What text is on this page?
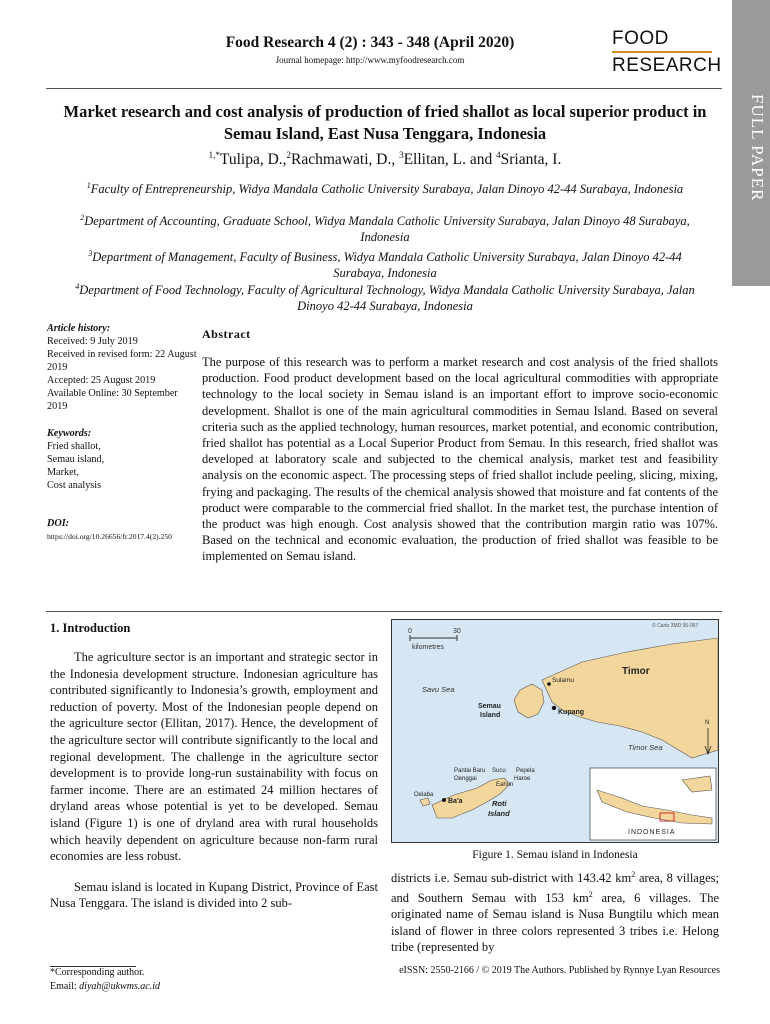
FULL PAPER
Food Research 4 (2) : 343 - 348 (April 2020)
Journal homepage: http://www.myfoodresearch.com
FOOD
RESEARCH
Market research and cost analysis of production of fried shallot as local superior product in Semau Island, East Nusa Tenggara, Indonesia
$^{1,*}$Tulipa, D.,$^2$Rachmawati, D., $^3$Ellitan, L. and $^4$Srianta, I.
$^1$Faculty of Entrepreneurship, Widya Mandala Catholic University Surabaya, Jalan Dinoyo 42-44 Surabaya, Indonesia
$^2$Department of Accounting, Graduate School, Widya Mandala Catholic University Surabaya, Jalan Dinoyo 48 Surabaya, Indonesia
$^3$Department of Management, Faculty of Business, Widya Mandala Catholic University Surabaya, Jalan Dinoyo 42-44 Surabaya, Indonesia
$^4$Department of Food Technology, Faculty of Agricultural Technology, Widya Mandala Catholic University Surabaya, Jalan Dinoyo 42-44 Surabaya, Indonesia
Article history:
Received: 9 July 2019
Received in revised form: 22 August 2019
Accepted: 25 August 2019
Available Online: 30 September 2019
Keywords:
Fried shallot,
Semau island,
Market,
Cost analysis
DOI:
https://doi.org/10.26656/fr.2017.4(2).250
Abstract
The purpose of this research was to perform a market research and cost analysis of the fried shallots production. Food product development based on the local agricultural commodities with appropriate technology to the local society in Semau island is an important effort to improve socio-economic development. Shallot is one of the main agricultural commodities in Semau Island. Based on several criteria such as the applied technology, human resources, market potential, and economic contribution, fried shallot has potential as a Local Superior Product from Semau. In this research, fried shallot was developed at laboratory scale and subjected to the chemical analysis, market test and feasibility analysis on the economic aspect. The processing steps of fried shallot include peeling, slicing, mixing, frying and packaging. The results of the chemical analysis showed that moisture and fat contents of the product were comparable to the commercial fried shallot. In the market test, the purchase intention of the product was high enough. Cost analysis showed that the contribution margin ratio was 107%. Based on the technical and economic evaluation, the production of fried shallot was feasible to be implemented on Semau island.
1. Introduction

The agriculture sector is an important and strategic sector in the Indonesia development structure. Indonesian agriculture has contributed significantly to Indonesia’s growth, employment and reduction of poverty. Most of the Indonesian people depend on the agriculture sector (Ellitan, 2017). Hence, the development of the agriculture sector will contribute significantly to the local and regional development. The challenge in the agriculture sector development is to provide long-run sustainability with focus on farmer income. There are an estimated 24 million hectares of dryland areas whose potential is yet to be developed. Semau island (Figure 1) is one of dryland area with rural households which heavily dependent on agriculture because non-farm rural economies are less robust.

Semau island is located in Kupang District, Province of East Nusa Tenggara. The island is divided into 2 sub-

0	30
kilometres
© Carto 3MD 95-057
Timor
Savu Sea
Semau
Island
Sulamu
Kupang
Timor Sea
N
Pantai Baru
Oenggai
Sucu Pepela
Haroe
Eahun
Oelaba
Ba'a	Roti
Island
INDONESIA
Figure 1. Semau island in Indonesia
districts i.e. Semau sub-district with 143.42 $km^2$ area, 8 villages; and Southern Semau with 153 $km^2$ area, 6 villages. The originated name of Semau island is Nusa Bungtilu which mean island of flower in three colors represented 3 tribes i.e. Helong tribe (represented by
*Corresponding author.
Email: diyah@ukwms.ac.id
eISSN: 2550-2166 / © 2019 The Authors. Published by Rynnye Lyan Resources
